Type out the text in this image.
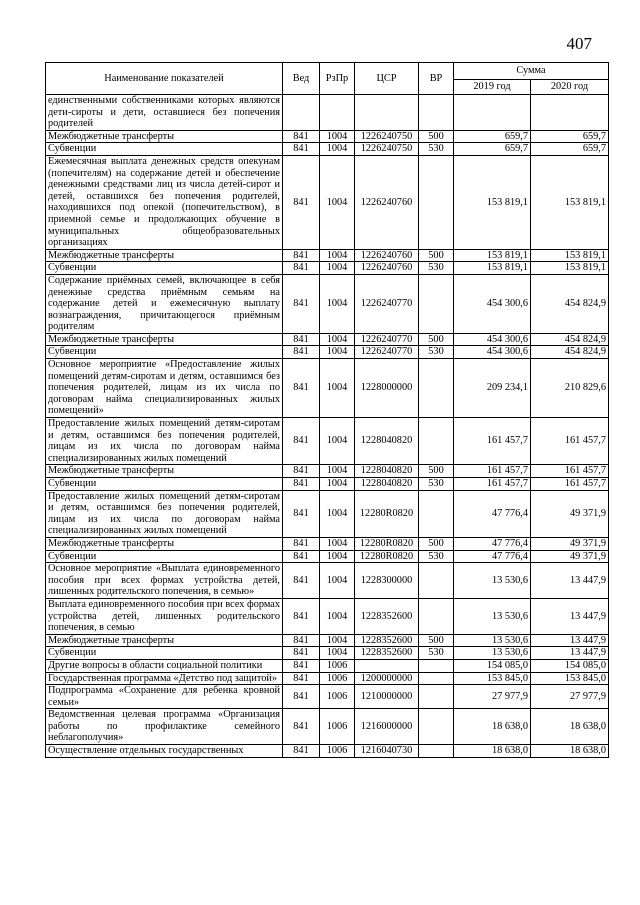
407
Наименование показателей	Вед	РзПр	ЦСР	ВР	Сумма	
					2019 год	2020 год
единственными собственниками которых являются дети-сироты и дети, оставшиеся без попечения родителей						
Межбюджетные трансферты	841	1004	1226240750	500	659,7	659,7
Субвенции	841	1004	1226240750	530	659,7	659,7
Ежемесячная выплата денежных средств опекунам (попечителям) на содержание детей и обеспечение денежными средствами лиц из числа детей-сирот и детей, оставшихся без попечения родителей, находившихся под опекой (попечительством), в приемной семье и продолжающих обучение в муниципальных общеобразовательных организациях	841	1004	1226240760		153 819,1	153 819,1
Межбюджетные трансферты	841	1004	1226240760	500	153 819,1	153 819,1
Субвенции	841	1004	1226240760	530	153 819,1	153 819,1
Содержание приёмных семей, включающее в себя денежные средства приёмным семьям на содержание детей и ежемесячную выплату вознаграждения, причитающегося приёмным родителям	841	1004	1226240770		454 300,6	454 824,9
Межбюджетные трансферты	841	1004	1226240770	500	454 300,6	454 824,9
Субвенции	841	1004	1226240770	530	454 300,6	454 824,9
Основное мероприятие «Предоставление жилых помещений детям-сиротам и детям, оставшимся без попечения родителей, лицам из их числа по договорам найма специализированных жилых помещений»	841	1004	1228000000		209 234,1	210 829,6
Предоставление жилых помещений детям-сиротам и детям, оставшимся без попечения родителей, лицам из их числа по договорам найма специализированных жилых помещений	841	1004	1228040820		161 457,7	161 457,7
Межбюджетные трансферты	841	1004	1228040820	500	161 457,7	161 457,7
Субвенции	841	1004	1228040820	530	161 457,7	161 457,7
Предоставление жилых помещений детям-сиротам и детям, оставшимся без попечения родителей, лицам из их числа по договорам найма специализированных жилых помещений	841	1004	12280R0820		47 776,4	49 371,9
Межбюджетные трансферты	841	1004	12280R0820	500	47 776,4	49 371,9
Субвенции	841	1004	12280R0820	530	47 776,4	49 371,9
Основное мероприятие «Выплата единовременного пособия при всех формах устройства детей, лишенных родительского попечения, в семью»	841	1004	1228300000		13 530,6	13 447,9
Выплата единовременного пособия при всех формах устройства детей, лишенных родительского попечения, в семью	841	1004	1228352600		13 530,6	13 447,9
Межбюджетные трансферты	841	1004	1228352600	500	13 530,6	13 447,9
Субвенции	841	1004	1228352600	530	13 530,6	13 447,9
Другие вопросы в области социальной политики	841	1006			154 085,0	154 085,0
Государственная программа «Детство под защитой»	841	1006	1200000000		153 845,0	153 845,0
Подпрограмма «Сохранение для ребенка кровной семьи»	841	1006	1210000000		27 977,9	27 977,9
Ведомственная целевая программа «Организация работы по профилактике семейного неблагополучия»	841	1006	1216000000		18 638,0	18 638,0
Осуществление отдельных государственных	841	1006	1216040730		18 638,0	18 638,0
